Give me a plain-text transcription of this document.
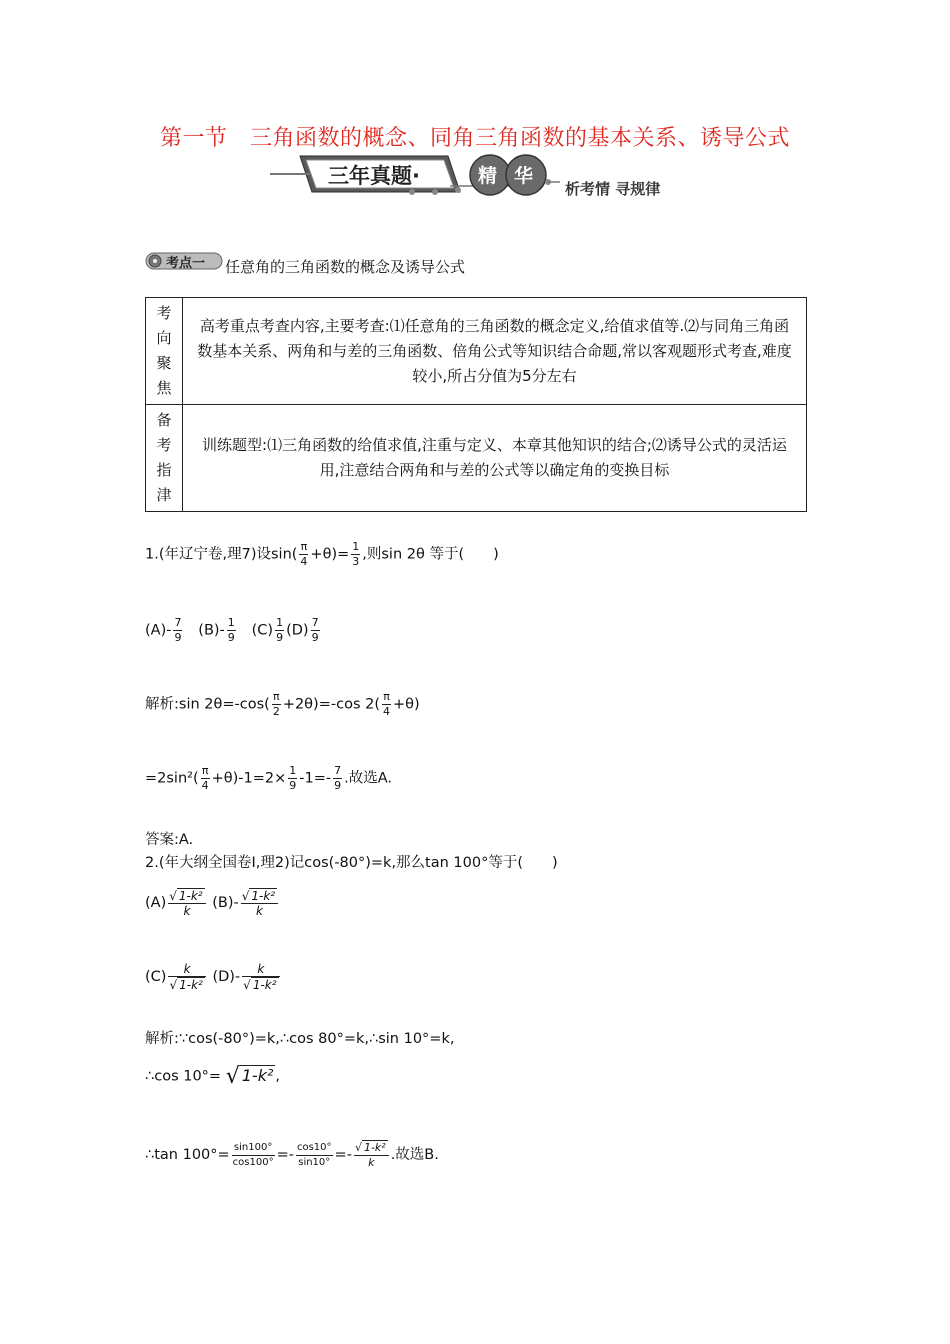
第一节　三角函数的概念、同角三角函数的基本关系、诱导公式
三年真题·	精 华
析考情 寻规律
考点一 任意角的三角函数的概念及诱导公式
考向聚焦	高考重点考查内容,主要考查:⑴任意角的三角函数的概念定义,给值求值等.⑵与同角三角函数基本关系、两角和与差的三角函数、倍角公式等知识结合命题,常以客观题形式考查,难度较小,所占分值为5分左右

备考指津	训练题型:⑴三角函数的给值求值,注重与定义、本章其他知识的结合;⑵诱导公式的灵活运用,注意结合两角和与差的公式等以确定角的变换目标
1.(年辽宁卷,理7)设$\sin( \frac{\pi}{4} +\theta)= \frac{1}{3}$ ,则sin 2θ 等于(　　)
$(A)- \frac{7}{9} (B)- \frac{1}{9} (C) \frac{1}{9} (D) \frac{7}{9}$
解析:sin $2\theta=-\cos( \frac{\pi}{2} +2\theta)=-\cos$ $2( \frac{\pi}{4} +\theta)$
$=2\sin^2( \frac{\pi}{4} +\theta)-1=2\times \frac{1}{9} -1=- \frac{7}{9}$ .故选A.
答案:A.
2.(年大纲全国卷Ⅰ,理2)记cos(-80°)=k,那么tan 100°等于(　　)
$(A) \frac{\text{√ 1-k²}}{k} (B)- \frac{\text{√ 1-k²}}{k}$
$(C) \frac{k}{\text{√ 1-k²}} (D)- \frac{k}{\text{√ 1-k²}}$
解析:∵cos(-80°)=k,∴cos 80°=k,∴sin 10°=k,
∴cos 10°= √ 1-k² ,
∴tan $100^\circ= \frac{\sin 100^\circ}{\cos 100^\circ} =- \frac{\cos 10^\circ}{\sin 10^\circ} =- \frac{\text{√ 1-k²}}{k}$ .故选B.
